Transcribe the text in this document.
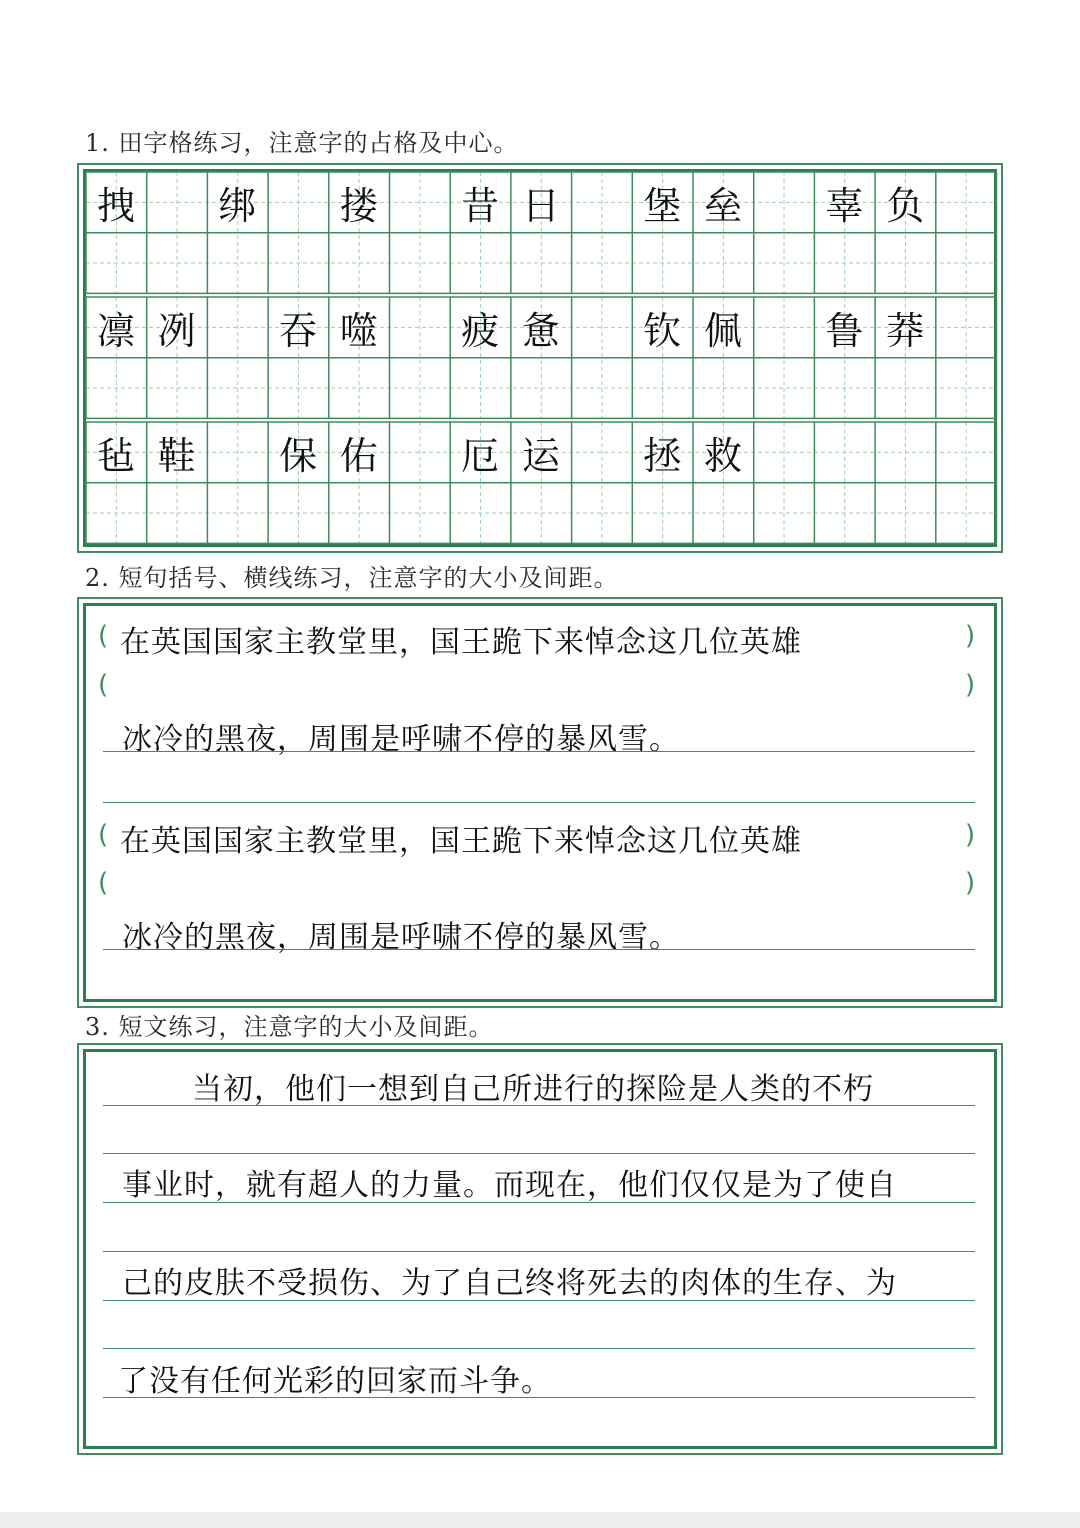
1. 田字格练习，注意字的占格及中心。
拽 绑 搂 昔 日 堡 垒 辜 负
凛 冽 吞 噬 疲 惫 钦 佩 鲁 莽
毡 鞋 保 佑 厄 运 拯 救
2. 短句括号、横线练习，注意字的大小及间距。
( 在英国国家主教堂里，国王跪下来悼念这几位英雄	)
(	)
冰冷的黑夜，周围是呼啸不停的暴风雪。
( 在英国国家主教堂里，国王跪下来悼念这几位英雄	)
(	)
冰冷的黑夜，周围是呼啸不停的暴风雪。
3. 短文练习，注意字的大小及间距。
当初，他们一想到自己所进行的探险是人类的不朽
事业时，就有超人的力量。而现在，他们仅仅是为了使自
己的皮肤不受损伤、为了自己终将死去的肉体的生存、为
了没有任何光彩的回家而斗争。
